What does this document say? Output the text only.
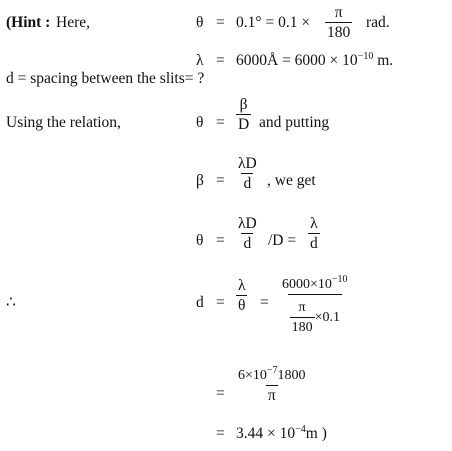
(Hint : Here,	$\theta = 0.1^\circ = 0.1 \times \frac{\pi}{180}$ rad.
λ = 6000Å = $6000 \times 10^{-10}$ m.
d = spacing between the slits= ?
Using the relation,	$\theta = \frac{\beta}{D}$ and putting
$\beta = \frac{\lambda D}{d}$ , we get
$\theta = \frac{\lambda D}{d} /D = \frac{\lambda}{d}$
∴	$d = \frac{\lambda}{\theta} = \frac{6000\times 10^{-10}}{\frac{\pi}{180} \times 0.1}$
= $\frac{6\times 10^{-7}1800}{\pi}$
= $3.44 \times 10^{-4}m$ )
